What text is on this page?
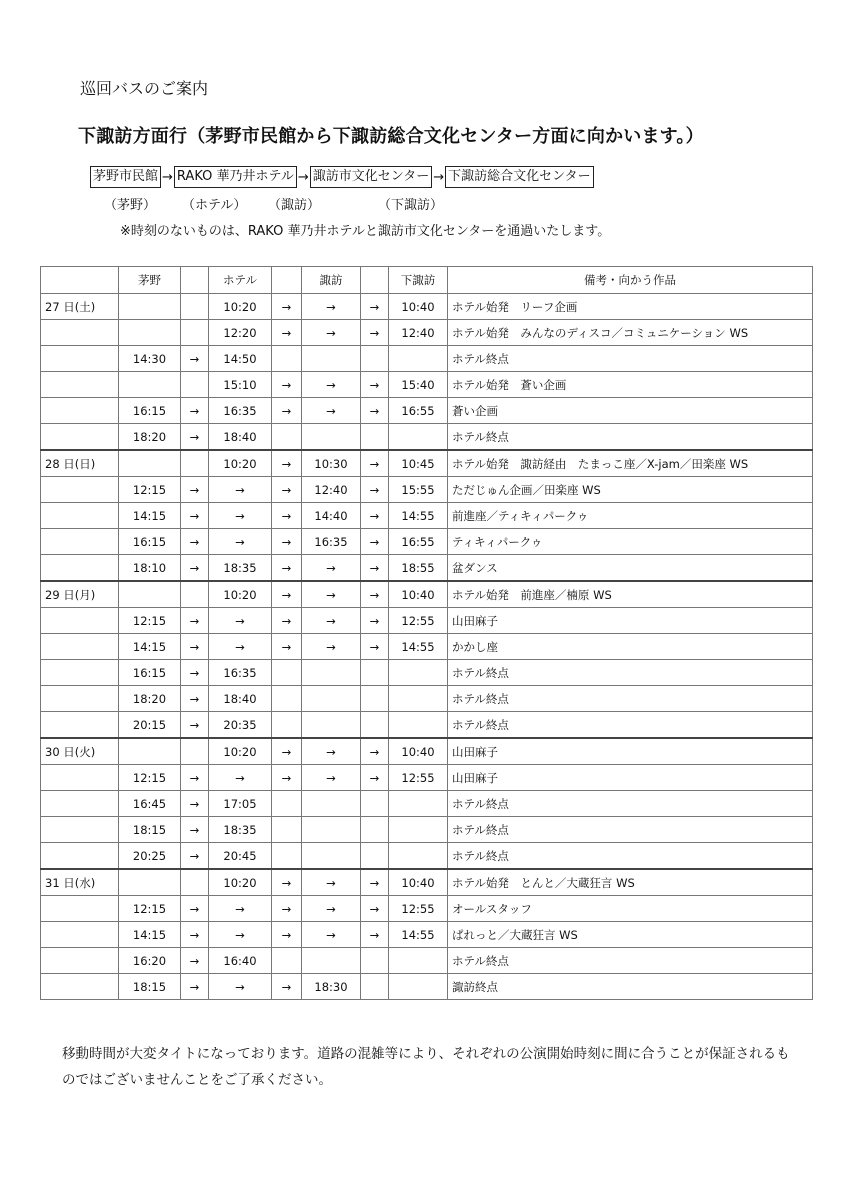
巡回バスのご案内
下諏訪方面行（茅野市民館から下諏訪総合文化センター方面に向かいます。）
茅野市民館 → RAKO 華乃井ホテル → 諏訪市文化センター → 下諏訪総合文化センター
（茅野） （ホテル） （諏訪）	（下諏訪）
※時刻のないものは、RAKO 華乃井ホテルと諏訪市文化センターを通過いたします。
	茅野		ホテル		諏訪		下諏訪	備考・向かう作品
27 日(土)			10:20	→	→	→	10:40	ホテル始発　リーフ企画
			12:20	→	→	→	12:40	ホテル始発　みんなのディスコ／コミュニケーション WS
	14:30	→	14:50					ホテル終点
			15:10	→	→	→	15:40	ホテル始発　蒼い企画
	16:15	→	16:35	→	→	→	16:55	蒼い企画
	18:20	→	18:40					ホテル終点
28 日(日)			10:20	→	10:30	→	10:45	ホテル始発　諏訪経由　たまっこ座／X-jam／田楽座 WS
	12:15	→	→	→	12:40	→	15:55	ただじゅん企画／田楽座 WS
	14:15	→	→	→	14:40	→	14:55	前進座／ティキィパークゥ
	16:15	→	→	→	16:35	→	16:55	ティキィパークゥ
	18:10	→	18:35	→	→	→	18:55	盆ダンス
29 日(月)			10:20	→	→	→	10:40	ホテル始発　前進座／楠原 WS
	12:15	→	→	→	→	→	12:55	山田麻子
	14:15	→	→	→	→	→	14:55	かかし座
	16:15	→	16:35					ホテル終点
	18:20	→	18:40					ホテル終点
	20:15	→	20:35					ホテル終点
30 日(火)			10:20	→	→	→	10:40	山田麻子
	12:15	→	→	→	→	→	12:55	山田麻子
	16:45	→	17:05					ホテル終点
	18:15	→	18:35					ホテル終点
	20:25	→	20:45					ホテル終点
31 日(水)			10:20	→	→	→	10:40	ホテル始発　とんと／大蔵狂言 WS
	12:15	→	→	→	→	→	12:55	オールスタッフ
	14:15	→	→	→	→	→	14:55	ぱれっと／大蔵狂言 WS
	16:20	→	16:40					ホテル終点
	18:15	→	→	→	18:30			諏訪終点
移動時間が大変タイトになっております。道路の混雑等により、それぞれの公演開始時刻に間に合うことが保証されるものではございませんことをご了承ください。
